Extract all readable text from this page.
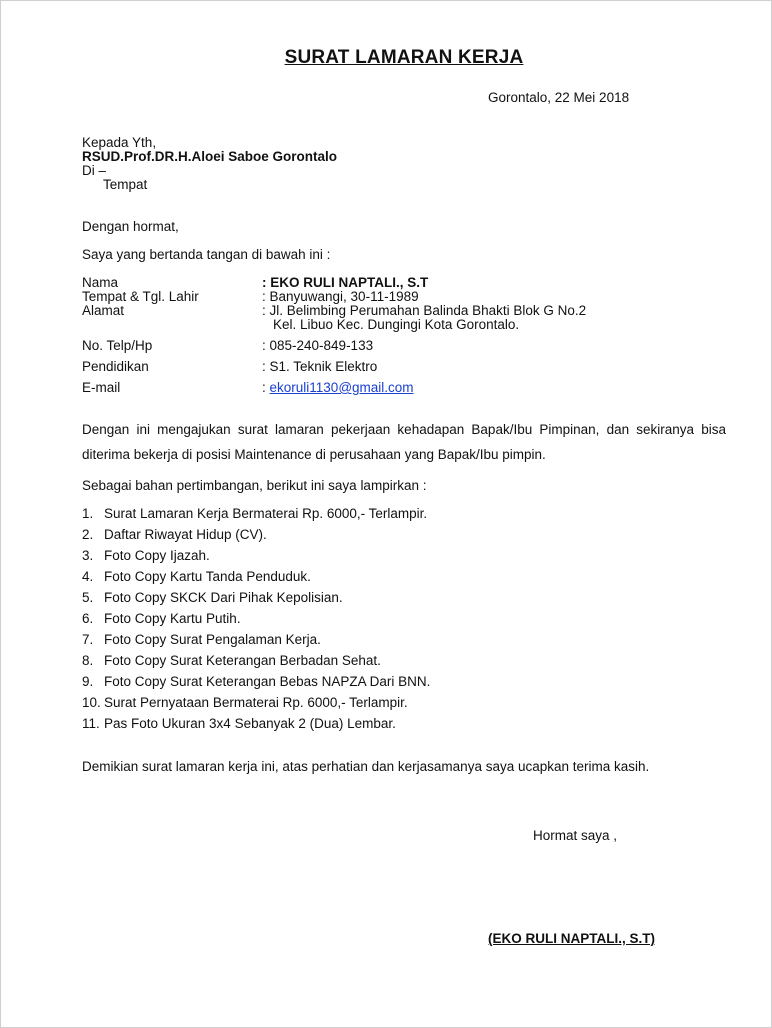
SURAT LAMARAN KERJA
Gorontalo, 22 Mei 2018
Kepada Yth,
RSUD.Prof.DR.H.Aloei Saboe Gorontalo
Di –
Tempat
Dengan hormat,
Saya yang bertanda tangan di bawah ini :
Nama	: EKO RULI NAPTALI., S.T
Tempat & Tgl. Lahir	: Banyuwangi, 30-11-1989
Alamat	: Jl. Belimbing Perumahan Balinda Bhakti Blok G No.2
Kel. Libuo Kec. Dungingi Kota Gorontalo.
No. Telp/Hp	: 085-240-849-133
Pendidikan	: S1. Teknik Elektro
E-mail	: ekoruli1130@gmail.com
Dengan ini mengajukan surat lamaran pekerjaan kehadapan Bapak/Ibu Pimpinan, dan sekiranya bisa diterima bekerja di posisi Maintenance di perusahaan yang Bapak/Ibu pimpin.
Sebagai bahan pertimbangan, berikut ini saya lampirkan :
1. Surat Lamaran Kerja Bermaterai Rp. 6000,- Terlampir.
2. Daftar Riwayat Hidup (CV).
3. Foto Copy Ijazah.
4. Foto Copy Kartu Tanda Penduduk.
5. Foto Copy SKCK Dari Pihak Kepolisian.
6. Foto Copy Kartu Putih.
7. Foto Copy Surat Pengalaman Kerja.
8. Foto Copy Surat Keterangan Berbadan Sehat.
9. Foto Copy Surat Keterangan Bebas NAPZA Dari BNN.
10. Surat Pernyataan Bermaterai Rp. 6000,- Terlampir.
11. Pas Foto Ukuran 3x4 Sebanyak 2 (Dua) Lembar.
Demikian surat lamaran kerja ini, atas perhatian dan kerjasamanya saya ucapkan terima kasih.
Hormat saya ,
(EKO RULI NAPTALI., S.T)
